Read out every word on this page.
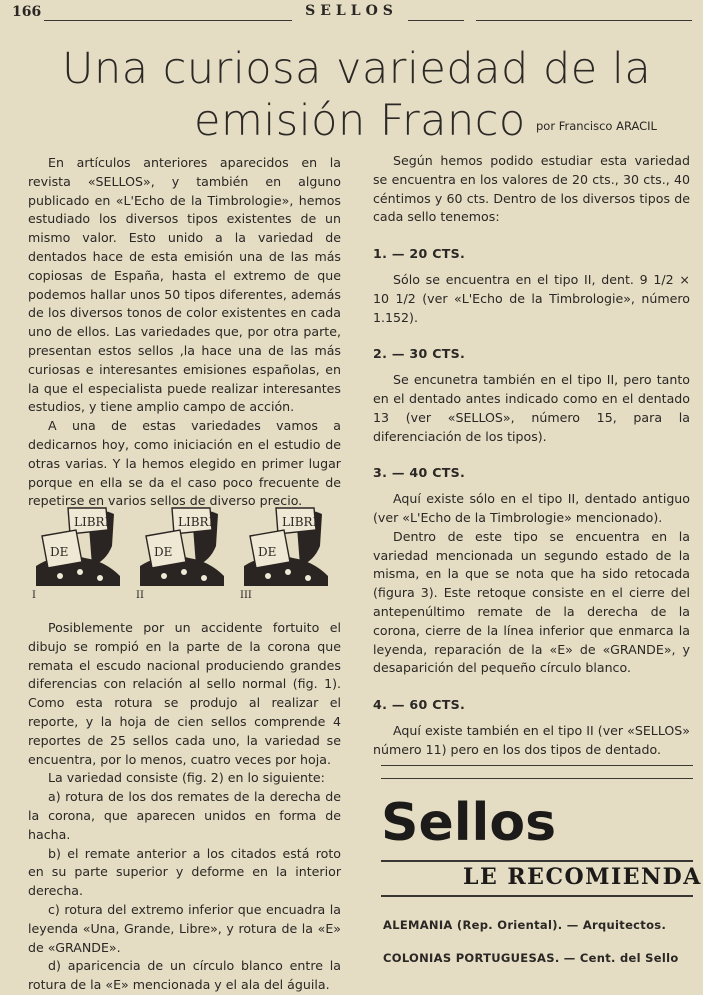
166	SELLOS
Una curiosa variedad de la
emisión Franco por Francisco ARACIL

En artículos anteriores aparecidos en la revista «SELLOS», y también en alguno publicado en «L'Echo de la Timbrologie», hemos estudiado los diversos tipos existentes de un mismo valor. Esto unido a la variedad de dentados hace de esta emisión una de las más copiosas de España, hasta el extremo de que podemos hallar unos 50 tipos diferentes, además de los diversos tonos de color existentes en cada uno de ellos. Las variedades que, por otra parte, presentan estos sellos ,la hace una de las más curiosas e interesantes emisiones españolas, en la que el especialista puede realizar interesantes estudios, y tiene amplio campo de acción.

A una de estas variedades vamos a dedicarnos hoy, como iniciación en el estudio de otras varias. Y la hemos elegido en primer lugar porque en ella se da el caso poco frecuente de repetirse en varios sellos de diverso precio.

LIBRE
DE
I
LIBRE
DE
II
LIBRE
DE
III

Posiblemente por un accidente fortuito el dibujo se rompió en la parte de la corona que remata el escudo nacional produciendo grandes diferencias con relación al sello normal (fig. 1). Como esta rotura se produjo al realizar el reporte, y la hoja de cien sellos comprende 4 reportes de 25 sellos cada uno, la variedad se encuentra, por lo menos, cuatro veces por hoja.

La variedad consiste (fig. 2) en lo siguiente:

a) rotura de los dos remates de la derecha de la corona, que aparecen unidos en forma de hacha.

b) el remate anterior a los citados está roto en su parte superior y deforme en la interior derecha.

c) rotura del extremo inferior que encuadra la leyenda «Una, Grande, Libre», y rotura de la «E» de «GRANDE».

d) aparicencia de un círculo blanco entre la rotura de la «E» mencionada y el ala del águila.

Según hemos podido estudiar esta variedad se encuentra en los valores de 20 cts., 30 cts., 40 céntimos y 60 cts. Dentro de los diversos tipos de cada sello tenemos:

1. — 20 CTS.

Sólo se encuentra en el tipo II, dent. 9 1/2 × 10 1/2 (ver «L'Echo de la Timbrologie», número 1.152).

2. — 30 CTS.

Se encunetra también en el tipo II, pero tanto en el dentado antes indicado como en el dentado 13 (ver «SELLOS», número 15, para la diferenciación de los tipos).

3. — 40 CTS.

Aquí existe sólo en el tipo II, dentado antiguo (ver «L'Echo de la Timbrologie» mencionado).

Dentro de este tipo se encuentra en la variedad mencionada un segundo estado de la misma, en la que se nota que ha sido retocada (figura 3). Este retoque consiste en el cierre del antepenúltimo remate de la derecha de la corona, cierre de la línea inferior que enmarca la leyenda, reparación de la «E» de «GRANDE», y desaparición del pequeño círculo blanco.

4. — 60 CTS.

Aquí existe también en el tipo II (ver «SELLOS» número 11) pero en los dos tipos de dentado.

Sellos
LE RECOMIENDA
ALEMANIA (Rep. Oriental). — Arquitectos.
COLONIAS PORTUGUESAS. — Cent. del Sello
